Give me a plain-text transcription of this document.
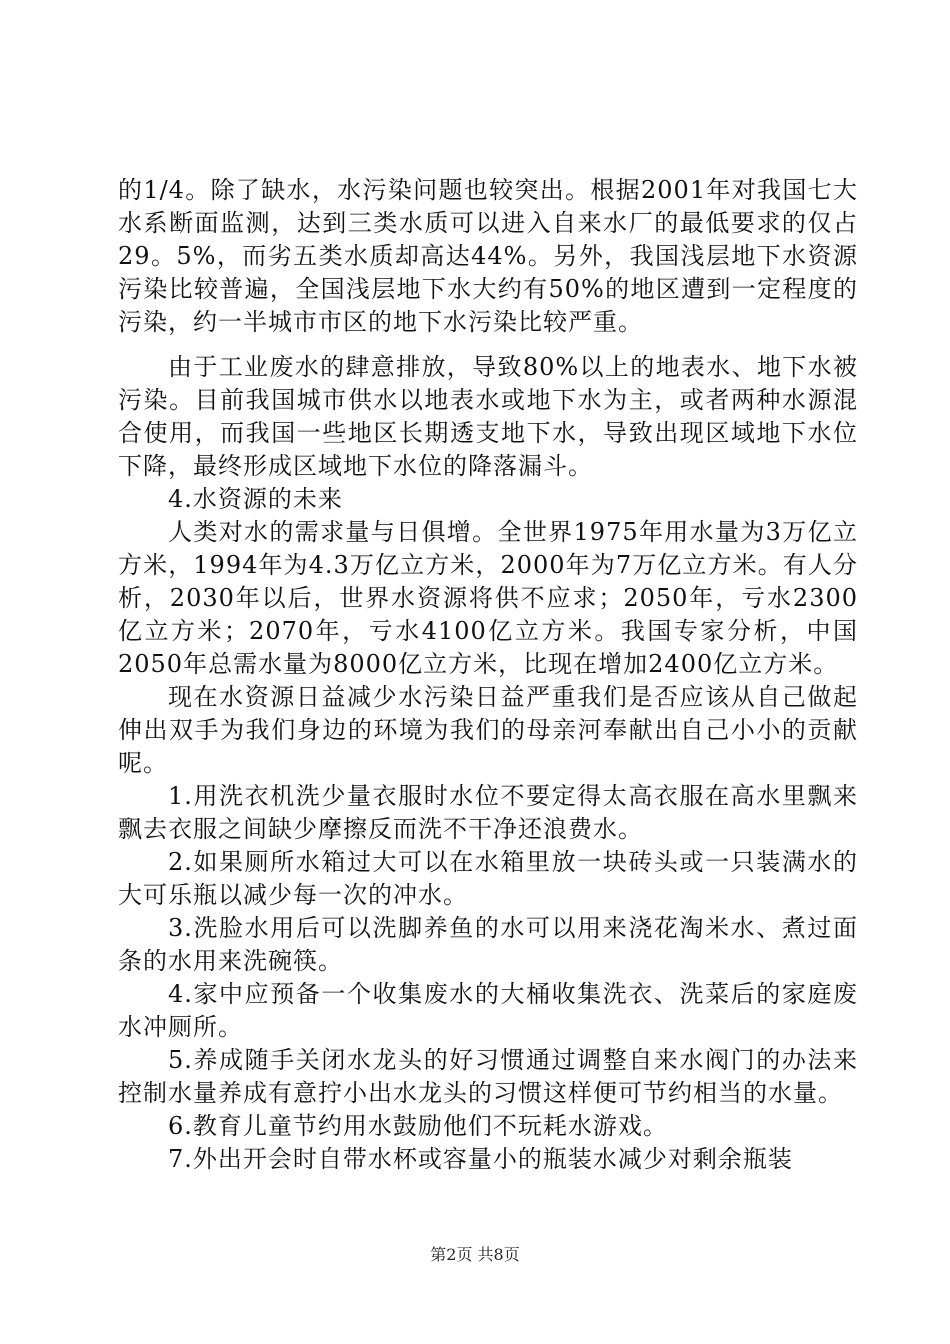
的1/4。除了缺水，水污染问题也较突出。根据2001年对我国七大水系断面监测，达到三类水质可以进入自来水厂的最低要求的仅占29。5%，而劣五类水质却高达44%。另外，我国浅层地下水资源污染比较普遍，全国浅层地下水大约有50%的地区遭到一定程度的污染，约一半城市市区的地下水污染比较严重。

由于工业废水的肆意排放，导致80%以上的地表水、地下水被污染。目前我国城市供水以地表水或地下水为主，或者两种水源混合使用，而我国一些地区长期透支地下水，导致出现区域地下水位下降，最终形成区域地下水位的降落漏斗。

4.水资源的未来

人类对水的需求量与日俱增。全世界1975年用水量为3万亿立方米，1994年为4.3万亿立方米，2000年为7万亿立方米。有人分析，2030年以后，世界水资源将供不应求；2050年，亏水2300亿立方米；2070年，亏水4100亿立方米。我国专家分析，中国2050年总需水量为8000亿立方米，比现在增加2400亿立方米。

现在水资源日益减少水污染日益严重我们是否应该从自己做起伸出双手为我们身边的环境为我们的母亲河奉献出自己小小的贡献呢。

1.用洗衣机洗少量衣服时水位不要定得太高衣服在高水里飘来飘去衣服之间缺少摩擦反而洗不干净还浪费水。

2.如果厕所水箱过大可以在水箱里放一块砖头或一只装满水的大可乐瓶以减少每一次的冲水。

3.洗脸水用后可以洗脚养鱼的水可以用来浇花淘米水、煮过面条的水用来洗碗筷。

4.家中应预备一个收集废水的大桶收集洗衣、洗菜后的家庭废水冲厕所。

5.养成随手关闭水龙头的好习惯通过调整自来水阀门的办法来控制水量养成有意拧小出水龙头的习惯这样便可节约相当的水量。

6.教育儿童节约用水鼓励他们不玩耗水游戏。

7.外出开会时自带水杯或容量小的瓶装水减少对剩余瓶装

第2页 共8页
